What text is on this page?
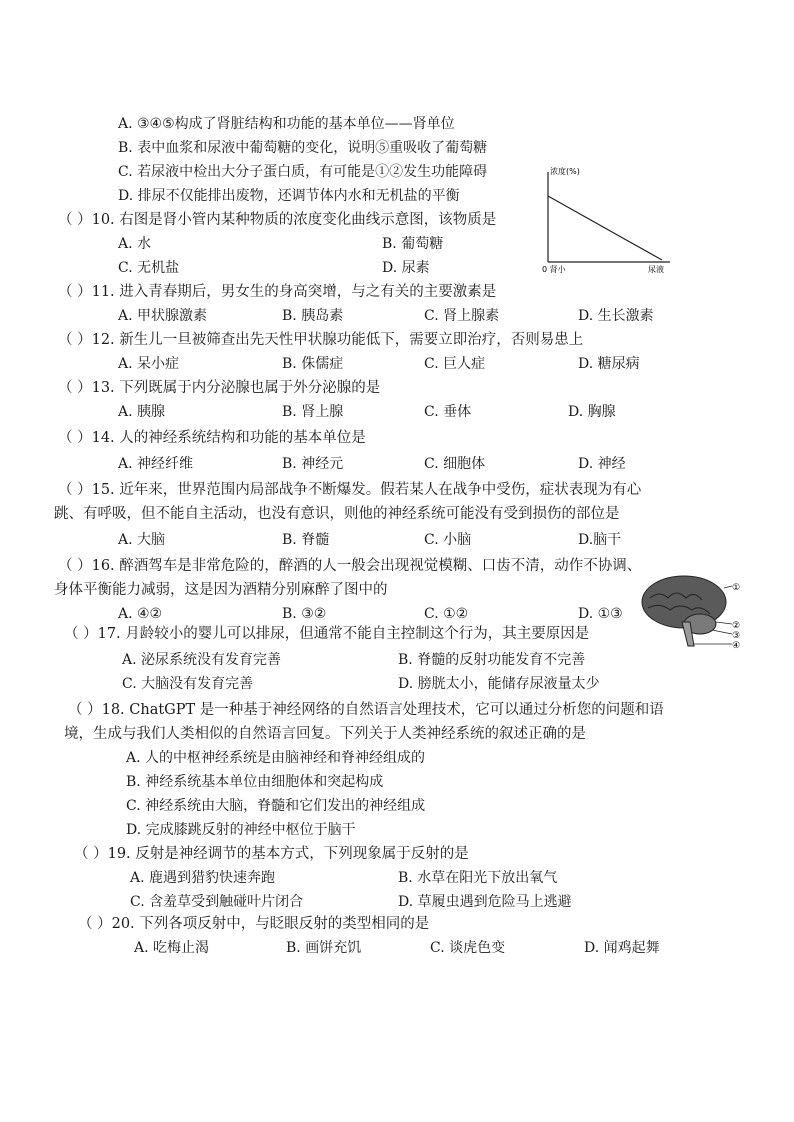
A. ③④⑤构成了肾脏结构和功能的基本单位——肾单位
B. 表中血浆和尿液中葡萄糖的变化，说明⑤重吸收了葡萄糖
C. 若尿液中检出大分子蛋白质，有可能是①②发生功能障碍
D. 排尿不仅能排出废物，还调节体内水和无机盐的平衡
（ ）10. 右图是肾小管内某种物质的浓度变化曲线示意图，该物质是
A. 水	B. 葡萄糖
C. 无机盐	D. 尿素
浓度(%)
0 肾小	尿液
（ ）11. 进入青春期后，男女生的身高突增，与之有关的主要激素是
A. 甲状腺激素	B. 胰岛素	C. 肾上腺素	D. 生长激素
（ ）12. 新生儿一旦被筛查出先天性甲状腺功能低下，需要立即治疗，否则易患上
A. 呆小症	B. 侏儒症	C. 巨人症	D. 糖尿病
（ ）13. 下列既属于内分泌腺也属于外分泌腺的是
A. 胰腺	B. 肾上腺	C. 垂体	D. 胸腺
（ ）14. 人的神经系统结构和功能的基本单位是
A. 神经纤维	B. 神经元	C. 细胞体	D. 神经
（ ）15. 近年来，世界范围内局部战争不断爆发。假若某人在战争中受伤，症状表现为有心
跳、有呼吸，但不能自主活动，也没有意识，则他的神经系统可能没有受到损伤的部位是
A. 大脑	B. 脊髓	C. 小脑	D.脑干
（ ）16. 醉酒驾车是非常危险的，醉酒的人一般会出现视觉模糊、口齿不清，动作不协调、
身体平衡能力减弱，这是因为酒精分别麻醉了图中的
A. ④②	B. ③②	C. ①②	D. ①③
①
②
③
④
（ ）17. 月龄较小的婴儿可以排尿，但通常不能自主控制这个行为，其主要原因是
A. 泌尿系统没有发育完善	B. 脊髓的反射功能发育不完善
C. 大脑没有发育完善	D. 膀胱太小，能储存尿液量太少
（ ）18. ChatGPT 是一种基于神经网络的自然语言处理技术，它可以通过分析您的问题和语
境，生成与我们人类相似的自然语言回复。下列关于人类神经系统的叙述正确的是
A. 人的中枢神经系统是由脑神经和脊神经组成的
B. 神经系统基本单位由细胞体和突起构成
C. 神经系统由大脑，脊髓和它们发出的神经组成
D. 完成膝跳反射的神经中枢位于脑干
（ ）19. 反射是神经调节的基本方式，下列现象属于反射的是
A. 鹿遇到猎豹快速奔跑	B. 水草在阳光下放出氧气
C. 含羞草受到触碰叶片闭合	D. 草履虫遇到危险马上逃避
（ ）20. 下列各项反射中，与眨眼反射的类型相同的是
A. 吃梅止渴	B. 画饼充饥	C. 谈虎色变	D. 闻鸡起舞
